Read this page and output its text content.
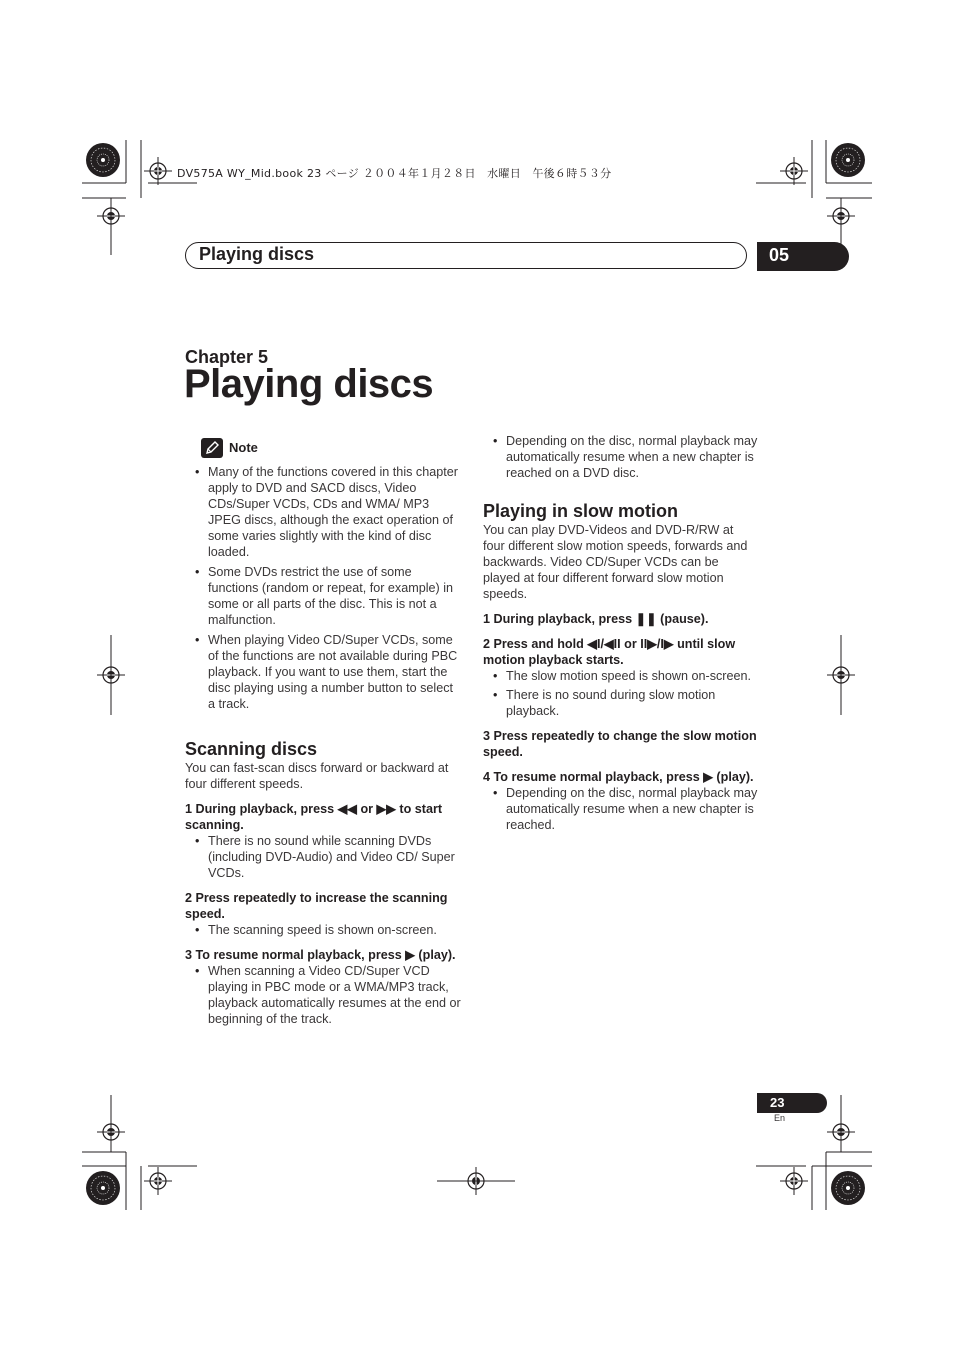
DV575A WY_Mid.book 23 ページ ２００４年１月２８日　水曜日　午後６時５３分
Playing discs	05
Chapter 5
Playing discs
Note
• Many of the functions covered in this chapter apply to DVD and SACD discs, Video CDs/Super VCDs, CDs and WMA/ MP3 JPEG discs, although the exact operation of some varies slightly with the kind of disc loaded.
• Some DVDs restrict the use of some functions (random or repeat, for example) in some or all parts of the disc. This is not a malfunction.
• When playing Video CD/Super VCDs, some of the functions are not available during PBC playback. If you want to use them, start the disc playing using a number button to select a track.
Scanning discs

You can fast-scan discs forward or backward at four different speeds.

1 During playback, press ◀◀ or ▶▶ to start scanning.

• There is no sound while scanning DVDs (including DVD-Audio) and Video CD/ Super VCDs.

2 Press repeatedly to increase the scanning speed.

• The scanning speed is shown on-screen.

3 To resume normal playback, press ▶ (play).

• When scanning a Video CD/Super VCD playing in PBC mode or a WMA/MP3 track, playback automatically resumes at the end or beginning of the track.
• Depending on the disc, normal playback may automatically resume when a new chapter is reached on a DVD disc.
Playing in slow motion

You can play DVD-Videos and DVD-R/RW at four different slow motion speeds, forwards and backwards. Video CD/Super VCDs can be played at four different forward slow motion speeds.

1 During playback, press ❚❚ (pause).

2 Press and hold ◀I/◀II or II▶/I▶ until slow motion playback starts.

• The slow motion speed is shown on-screen.
• There is no sound during slow motion playback.

3 Press repeatedly to change the slow motion speed.

4 To resume normal playback, press ▶ (play).

• Depending on the disc, normal playback may automatically resume when a new chapter is reached.
23
En
